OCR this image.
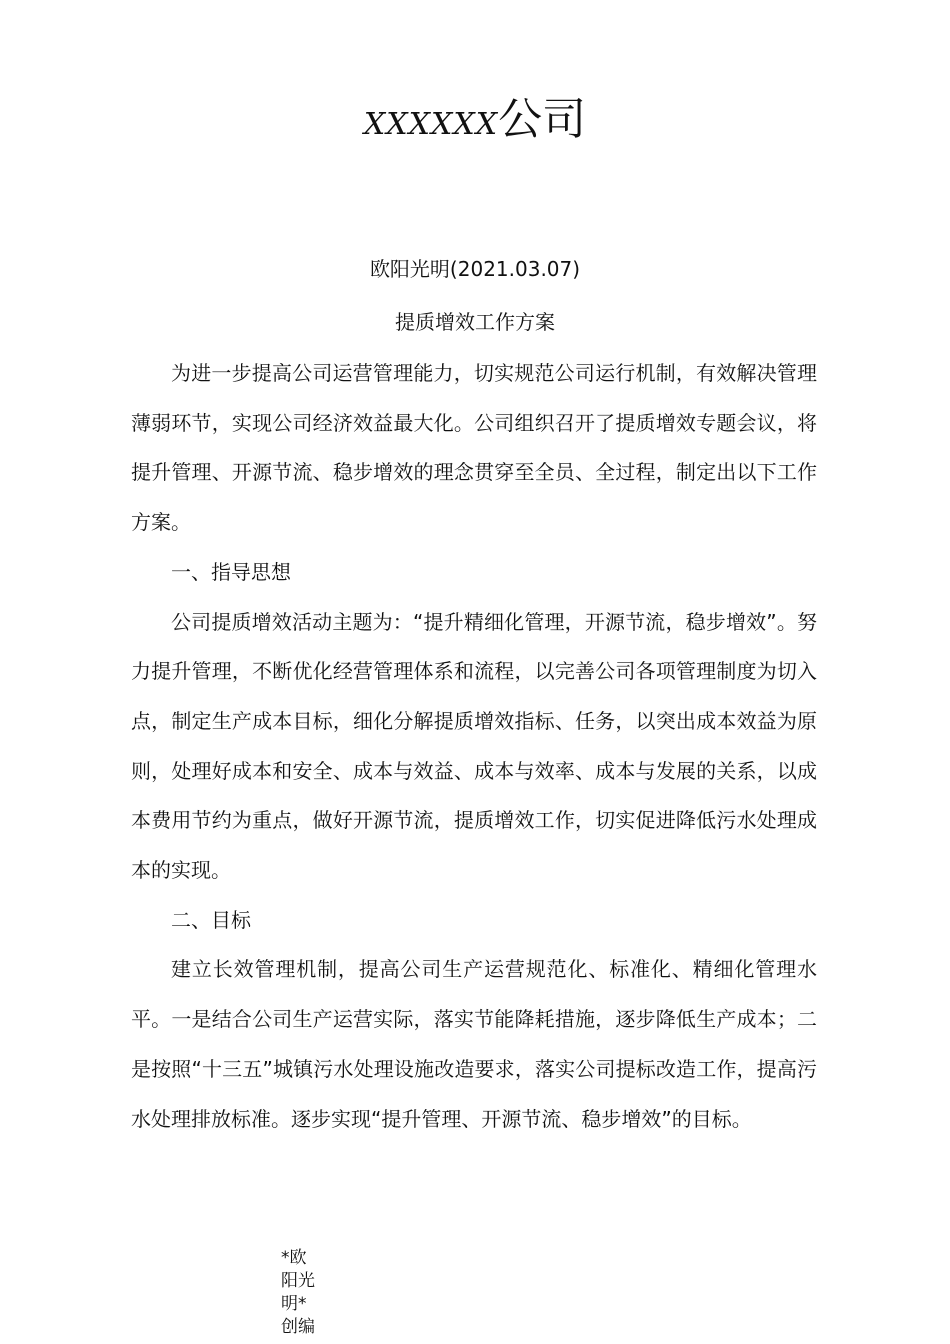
XXXXXX公司
欧阳光明(2021.03.07)
提质增效工作方案

为进一步提高公司运营管理能力，切实规范公司运行机制，有效解决管理薄弱环节，实现公司经济效益最大化。公司组织召开了提质增效专题会议，将提升管理、开源节流、稳步增效的理念贯穿至全员、全过程，制定出以下工作方案。

一、指导思想

公司提质增效活动主题为：“提升精细化管理，开源节流，稳步增效”。努力提升管理，不断优化经营管理体系和流程，以完善公司各项管理制度为切入点，制定生产成本目标，细化分解提质增效指标、任务，以突出成本效益为原则，处理好成本和安全、成本与效益、成本与效率、成本与发展的关系，以成本费用节约为重点，做好开源节流，提质增效工作，切实促进降低污水处理成本的实现。

二、目标

建立长效管理机制，提高公司生产运营规范化、标准化、精细化管理水平。一是结合公司生产运营实际，落实节能降耗措施，逐步降低生产成本；二是按照“十三五”城镇污水处理设施改造要求，落实公司提标改造工作，提高污水处理排放标准。逐步实现“提升管理、开源节流、稳步增效”的目标。

*欧阳光明*创编
